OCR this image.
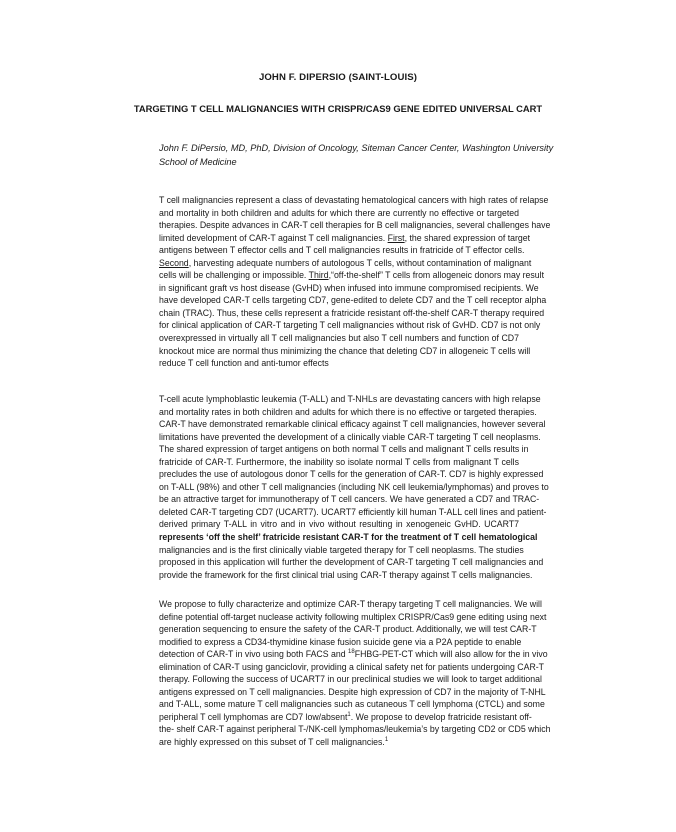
JOHN F. DIPERSIO (SAINT-LOUIS)
TARGETING T CELL MALIGNANCIES WITH CRISPR/CAS9 GENE EDITED UNIVERSAL CART
John F. DiPersio, MD, PhD, Division of Oncology, Siteman Cancer Center, Washington University
School of Medicine
T cell malignancies represent a class of devastating hematological cancers with high rates of relapse
and mortality in both children and adults for which there are currently no effective or targeted
therapies. Despite advances in CAR-T cell therapies for B cell malignancies, several challenges have
limited development of CAR-T against T cell malignancies. First, the shared expression of target
antigens between T effector cells and T cell malignancies results in fratricide of T effector cells.
Second, harvesting adequate numbers of autologous T cells, without contamination of malignant
cells will be challenging or impossible. Third,“off-the-shelf” T cells from allogeneic donors may result
in significant graft vs host disease (GvHD) when infused into immune compromised recipients. We
have developed CAR-T cells targeting CD7, gene-edited to delete CD7 and the T cell receptor alpha
chain (TRAC). Thus, these cells represent a fratricide resistant off-the-shelf CAR-T therapy required
for clinical application of CAR-T targeting T cell malignancies without risk of GvHD. CD7 is not only
overexpressed in virtually all T cell malignancies but also T cell numbers and function of CD7
knockout mice are normal thus minimizing the chance that deleting CD7 in allogeneic T cells will
reduce T cell function and anti-tumor effects
T-cell acute lymphoblastic leukemia (T-ALL) and T-NHLs are devastating cancers with high relapse
and mortality rates in both children and adults for which there is no effective or targeted therapies.
CAR-T have demonstrated remarkable clinical efficacy against T cell malignancies, however several
limitations have prevented the development of a clinically viable CAR-T targeting T cell neoplasms.
The shared expression of target antigens on both normal T cells and malignant T cells results in
fratricide of CAR-T. Furthermore, the inability so isolate normal T cells from malignant T cells
precludes the use of autologous donor T cells for the generation of CAR-T. CD7 is highly expressed
on T-ALL (98%) and other T cell malignancies (including NK cell leukemia/lymphomas) and proves to
be an attractive target for immunotherapy of T cell cancers. We have generated a CD7 and TRAC-
deleted CAR-T targeting CD7 (UCART7). UCART7 efficiently kill human T-ALL cell lines and patient-
derived primary T-ALL in vitro and in vivo without resulting in xenogeneic GvHD. UCART7
represents ‘off the shelf’ fratricide resistant CAR-T for the treatment of T cell hematological
malignancies and is the first clinically viable targeted therapy for T cell neoplasms. The studies
proposed in this application will further the development of CAR-T targeting T cell malignancies and
provide the framework for the first clinical trial using CAR-T therapy against T cells malignancies.
We propose to fully characterize and optimize CAR-T therapy targeting T cell malignancies. We will
define potential off-target nuclease activity following multiplex CRISPR/Cas9 gene editing using next
generation sequencing to ensure the safety of the CAR-T product. Additionally, we will test CAR-T
modified to express a CD34-thymidine kinase fusion suicide gene via a P2A peptide to enable
detection of CAR-T in vivo using both FACS and $^{18}$FHBG-PET-CT which will also allow for the in vivo
elimination of CAR-T using ganciclovir, providing a clinical safety net for patients undergoing CAR-T
therapy. Following the success of UCART7 in our preclinical studies we will look to target additional
antigens expressed on T cell malignancies. Despite high expression of CD7 in the majority of T-NHL
and T-ALL, some mature T cell malignancies such as cutaneous T cell lymphoma (CTCL) and some
peripheral T cell lymphomas are CD7 low/absent$^1$. We propose to develop fratricide resistant off-
the- shelf CAR-T against peripheral T-/NK-cell lymphomas/leukemia’s by targeting CD2 or CD5 which
are highly expressed on this subset of T cell malignancies.$^1$
